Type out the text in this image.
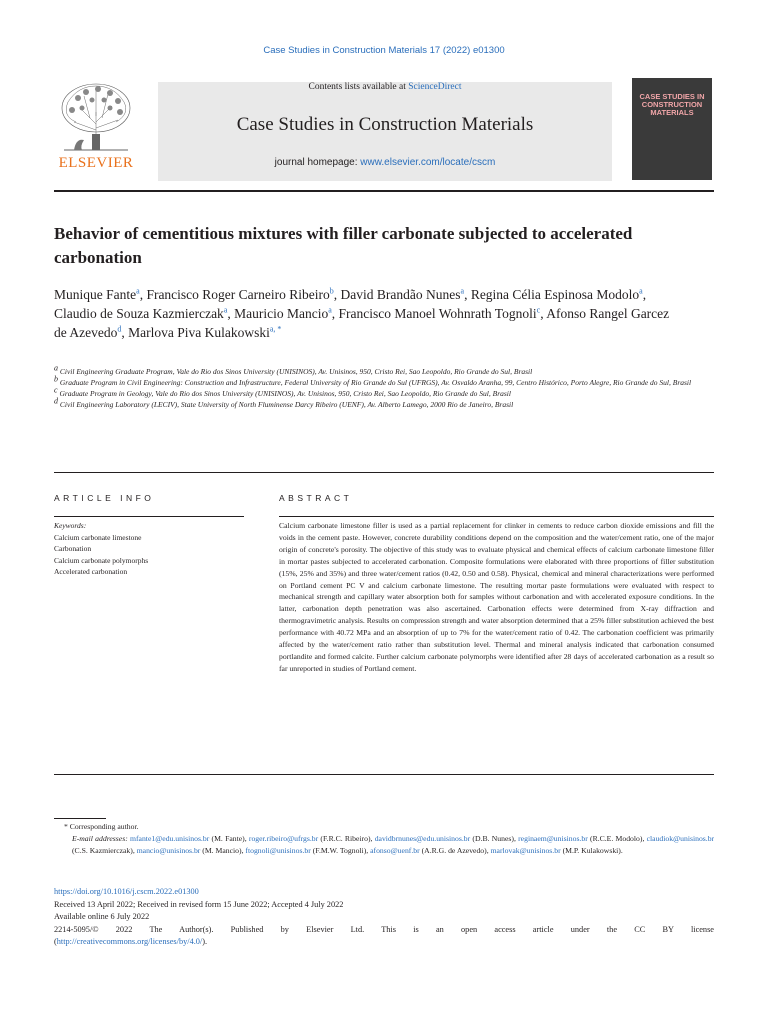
Case Studies in Construction Materials 17 (2022) e01300
Contents lists available at ScienceDirect
Case Studies in Construction Materials
journal homepage: www.elsevier.com/locate/cscm
ELSEVIER
CASE STUDIES IN CONSTRUCTION MATERIALS
Behavior of cementitious mixtures with filler carbonate subjected to accelerated carbonation
Munique Fante$^a$, Francisco Roger Carneiro Ribeiro$^b$, David Brandão Nunes$^a$, Regina Célia Espinosa Modolo$^a$, Claudio de Souza Kazmierczak$^a$, Mauricio Mancio$^a$, Francisco Manoel Wohnrath Tognoli$^c$, Afonso Rangel Garcez de Azevedo$^d$, Marlova Piva Kulakowski$^{a, *}$
$^a$ Civil Engineering Graduate Program, Vale do Rio dos Sinos University (UNISINOS), Av. Unisinos, 950, Cristo Rei, Sao Leopoldo, Rio Grande do Sul, Brasil
$^b$ Graduate Program in Civil Engineering: Construction and Infrastructure, Federal University of Rio Grande do Sul (UFRGS), Av. Osvaldo Aranha, 99, Centro Histórico, Porto Alegre, Rio Grande do Sul, Brasil
$^c$ Graduate Program in Geology, Vale do Rio dos Sinos University (UNISINOS), Av. Unisinos, 950, Cristo Rei, Sao Leopoldo, Rio Grande do Sul, Brasil
$^d$ Civil Engineering Laboratory (LECIV), State University of North Fluminense Darcy Ribeiro (UENF), Av. Alberto Lamego, 2000 Rio de Janeiro, Brasil
ARTICLE INFO	ABSTRACT
Keywords:
Calcium carbonate limestone
Carbonation
Calcium carbonate polymorphs
Accelerated carbonation
Calcium carbonate limestone filler is used as a partial replacement for clinker in cements to reduce carbon dioxide emissions and fill the voids in the cement paste. However, concrete durability conditions depend on the composition and the water/cement ratio, one of the major origin of concrete's porosity. The objective of this study was to evaluate physical and chemical effects of calcium carbonate limestone filler in mortar pastes subjected to accelerated carbonation. Composite formulations were elaborated with three proportions of filler substitution (15%, 25% and 35%) and three water/cement ratios (0.42, 0.50 and 0.58). Physical, chemical and mineral characterizations were performed on Portland cement PC V and calcium carbonate limestone. The resulting mortar paste formulations were evaluated with respect to mechanical strength and capillary water absorption both for samples without carbonation and with accelerated exposure conditions. In the latter, carbonation depth penetration was also ascertained. Carbonation effects were determined from X-ray diffraction and thermogravimetric analysis. Results on compression strength and water absorption determined that a 25% filler substitution achieved the best performance with 40.72 MPa and an absorption of up to 7% for the water/cement ratio of 0.42. The carbonation coefficient was primarily affected by the water/cement ratio rather than substitution level. Thermal and mineral analysis indicated that carbonation consumed portlandite and formed calcite. Further calcium carbonate polymorphs were identified after 28 days of accelerated carbonation as a result so far unreported in studies of Portland cement.
* Corresponding author.
E-mail addresses: mfante1@edu.unisinos.br (M. Fante), roger.ribeiro@ufrgs.br (F.R.C. Ribeiro), davidbrnunes@edu.unisinos.br (D.B. Nunes), reginaem@unisinos.br (R.C.E. Modolo), claudiok@unisinos.br (C.S. Kazmierczak), mancio@unisinos.br (M. Mancio), ftognoli@unisinos.br (F.M.W. Tognoli), afonso@uenf.br (A.R.G. de Azevedo), marlovak@unisinos.br (M.P. Kulakowski).
https://doi.org/10.1016/j.cscm.2022.e01300
Received 13 April 2022; Received in revised form 15 June 2022; Accepted 4 July 2022
Available online 6 July 2022
2214-5095/© 2022 The Author(s). Published by Elsevier Ltd. This is an open access article under the CC BY license
(http://creativecommons.org/licenses/by/4.0/).
